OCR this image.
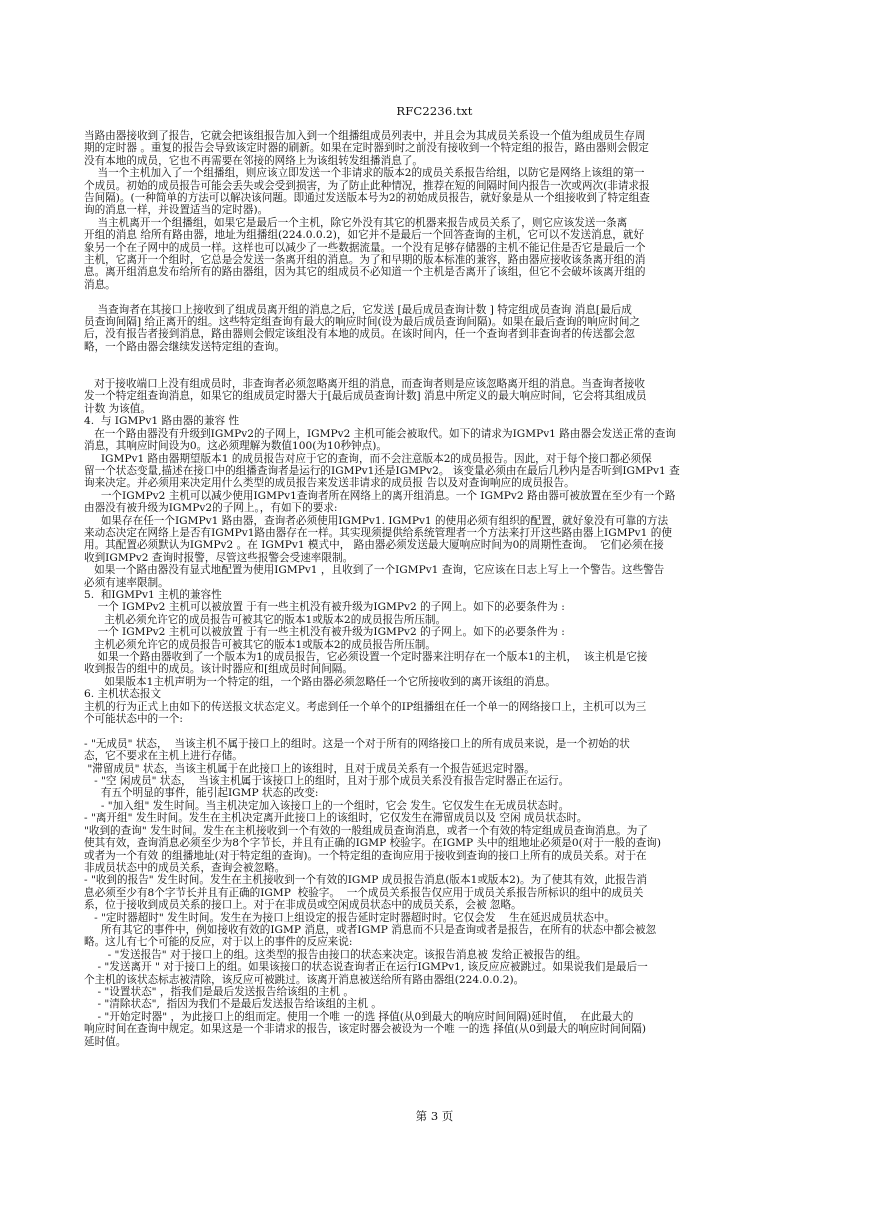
RFC2236.txt
当路由器接收到了报告，它就会把该组报告加入到一个组播组成员列表中，并且会为其成员关系设一个值为组成员生存周
期的定时器 。重复的报告会导致该定时器的刷新。如果在定时器到时之前没有接收到一个特定组的报告，路由器则会假定
没有本地的成员，它也不再需要在邻接的网络上为该组转发组播消息了。
当一个主机加入了一个组播组，则应该立即发送一个非请求的版本2的成员关系报告给组，以防它是网络上该组的第一
个成员。初始的成员报告可能会丢失或会受到损害，为了防止此种情况，推荐在短的间隔时间内报告一次或两次(非请求报
告间隔)。(一种简单的方法可以解决该问题。即通过发送版本号为2的初始成员报告，就好象是从一个组接收到了特定组查
询的消息一样，并设置适当的定时器)。
当主机离开一个组播组，如果它是最后一个主机，除它外没有其它的机器来报告成员关系了，则它应该发送一条离
开组的消息 给所有路由器，地址为组播组(224.0.0.2)，如它并不是最后一个回答查询的主机，它可以不发送消息，就好
象另一个在子网中的成员一样。这样也可以减少了一些数据流量。一个没有足够存储器的主机不能记住是否它是最后一个
主机，它离开一个组时，它总是会发送一条离开组的消息。为了和早期的版本标准的兼容，路由器应接收该条离开组的消
息。离开组消息发布给所有的路由器组，因为其它的组成员不必知道一个主机是否离开了该组，但它不会破坏该离开组的
消息。
当查询者在其接口上接收到了组成员离开组的消息之后，它发送 [最后成员查询计数 ] 特定组成员查询 消息[最后成
员查询间隔] 给正离开的组。这些特定组查询有最大的响应时间(设为最后成员查询间隔)。如果在最后查询的响应时间之
后，没有报告者接到消息，路由器则会假定该组没有本地的成员。在该时间内，任一个查询者到非查询者的传送都会忽
略，一个路由器会继续发送特定组的查询。
对于接收端口上没有组成员时，非查询者必须忽略离开组的消息，而查询者则是应该忽略离开组的消息。当查询者接收
发一个特定组查询消息，如果它的组成员定时器大于[最后成员查询计数] 消息中所定义的最大响应时间，它会将其组成员
计数 为该值。
4.  与 IGMPv1 路由器的兼容 性
在一个路由器没有升级到IGMPv2的子网上，IGMPv2 主机可能会被取代。如下的请求为IGMPv1 路由器会发送正常的查询
消息，其响应时间设为0。这必须理解为数值100(为10秒钟点)。
IGMPv1 路由器期望版本1 的成员报告对应于它的查询，而不会注意版本2的成员报告。因此，对于每个接口都必须保
留一个状态变量,描述在接口中的组播查询者是运行的IGMPv1还是IGMPv2。 该变量必须由在最后几秒内是否听到IGMPv1 查
询来决定。并必须用来决定用什么类型的成员报告来发送非请求的成员报 告以及对查询响应的成员报告。
一个IGMPv2 主机可以减少使用IGMPv1查询者所在网络上的离开组消息。一个 IGMPv2 路由器可被放置在至少有一个路
由器没有被升级为IGMPv2的子网上。，有如下的要求:
如果存在任一个IGMPv1 路由器，查询者必须使用IGMPv1. IGMPv1 的使用必须有组织的配置，就好象没有可靠的方法
来动态决定在网络上是否有IGMPv1路由器存在一样。其实现须提供给系统管理者一个方法来打开这些路由器上IGMPv1 的使
用。其配置必须默认为IGMPv2 。在 IGMPv1 模式中， 路由器必须发送最大厦响应时间为0的周期性查询。  它们必须在接
收到IGMPv2 查询时报警，尽管这些报警会受速率限制。
如果一个路由器没有显式地配置为使用IGMPv1 ，且收到了一个IGMPv1 查询，它应该在日志上写上一个警告。这些警告
必须有速率限制。
5.  和IGMPv1 主机的兼容性
一个 IGMPv2 主机可以被放置 于有一些主机没有被升级为IGMPv2 的子网上。如下的必要条件为 :
主机必须允许它的成员报告可被其它的版本1或版本2的成员报告所压制。
一个 IGMPv2 主机可以被放置 于有一些主机没有被升级为IGMPv2 的子网上。如下的必要条件为 :
主机必须允许它的成员报告可被其它的版本1或版本2的成员报告所压制。
如果一个路由器收到了一个版本为1的成员报告，它必须设置一个定时器来注明存在一个版本1的主机，  该主机是它接
收到报告的组中的成员。该计时器应和[组成员时间间隔。
如果版本1主机声明为一个特定的组，一个路由器必须忽略任一个它所接收到的离开该组的消息。
6. 主机状态报文
主机的行为正式上由如下的传送报文状态定义。考虑到任一个单个的IP组播组在任一个单一的网络接口上，主机可以为三
个可能状态中的一个:
- "无成员" 状态，  当该主机不属于接口上的组时。这是一个对于所有的网络接口上的所有成员来说，是一个初始的状
态，它不要求在主机上进行存储。
"滞留成员" 状态，当该主机属于在此接口上的该组时，且对于成员关系有一个报告延迟定时器。
- "空 闲成员" 状态，  当该主机属于该接口上的组时，且对于那个成员关系没有报告定时器正在运行。
有五个明显的事件，能引起IGMP 状态的改变:
- "加入组" 发生时间。当主机决定加入该接口上的一个组时，它会 发生。它仅发生在无成员状态时。
- "离开组" 发生时间。发生在主机决定离开此接口上的该组时，它仅发生在滞留成员以及 空闲 成员状态时。
"收到的查询" 发生时间。发生在主机接收到一个有效的一般组成员查询消息，或者一个有效的特定组成员查询消息。为了
使其有效，查询消息必须至少为8个字节长，并且有正确的IGMP 校验字。在IGMP 头中的组地址必须是0(对于一般的查询)
或者为一个有效 的组播地址(对于特定组的查询)。一个特定组的查询应用于接收到查询的接口上所有的成员关系。对于在
非成员状态中的成员关系，查询会被忽略。
- "收到的报告" 发生时间。发生在主机接收到一个有效的IGMP 成员报告消息(版本1或版本2)。为了使其有效，此报告消
息必须至少有8个字节长并且有正确的IGMP  校验字。  一个成员关系报告仅应用于成员关系报告所标识的组中的成员关
系，位于接收到成员关系的接口上。对于在非成员或空闲成员状态中的成员关系，会被 忽略。
- "定时器超时" 发生时间。发生在为接口上组设定的报告延时定时器超时时。它仅会发    生在延迟成员状态中。
所有其它的事件中，例如接收有效的IGMP 消息，或者IGMP 消息而不只是查询或者是报告，在所有的状态中都会被忽
略。这儿有七个可能的反应，对于以上的事件的反应来说:
- "发送报告" 对于接口上的组。这类型的报告由接口的状态来决定。该报告消息被 发给正被报告的组。
- "发送离开 " 对于接口上的组。如果该接口的状态说查询者正在运行IGMPv1, 该反应应被跳过。如果说我们是最后一
个主机的该状态标志被清除，该反应可被跳过。该离开消息被送给所有路由器组(224.0.0.2)。
- "设置状态" ，指我们是最后发送报告给该组的主机 。
- "清除状态",  指因为我们不是最后发送报告给该组的主机 。
- "开始定时器" ，为此接口上的组而定。使用一个唯 一的选 择值(从0到最大的响应时间间隔)延时值，  在此最大的
响应时间在查询中规定。如果这是一个非请求的报告，该定时器会被设为一个唯 一的选 择值(从0到最大的响应时间间隔)
延时值。
第 3 页
